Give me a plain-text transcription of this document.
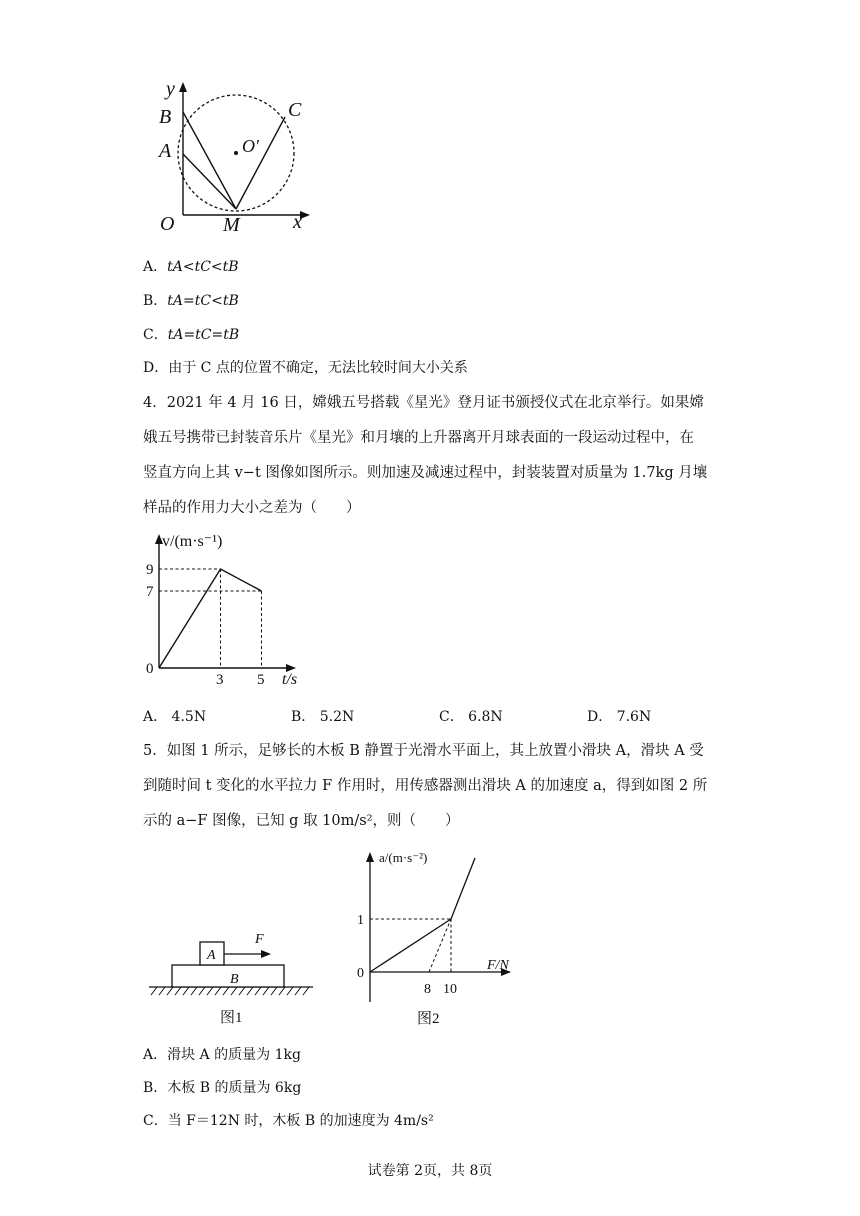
y
B
A
C
O′
O M	x
A．tA<tC<tB
B．tA=tC<tB
C．tA=tC=tB
D．由于 C 点的位置不确定，无法比较时间大小关系
4．2021 年 4 月 16 日，嫦娥五号搭载《星光》登月证书颁授仪式在北京举行。如果嫦
娥五号携带已封装音乐片《星光》和月壤的上升器离开月球表面的一段运动过程中，在
竖直方向上其 v−t 图像如图所示。则加速及减速过程中，封装装置对质量为 1.7kg 月壤
样品的作用力大小之差为（　　）
v/(m·s⁻¹)
t/s
9
7
0
3 5
A． 4.5N	B． 5.2N	C． 6.8N	D． 7.6N
5．如图 1 所示，足够长的木板 B 静置于光滑水平面上，其上放置小滑块 A，滑块 A 受
到随时间 t 变化的水平拉力 F 作用时，用传感器测出滑块 A 的加速度 a，得到如图 2 所
示的 a−F 图像，已知 g 取 10m/s²，则（　　）
A
B
F
图1
a/(m·s⁻²)
F/N
1
0
8 10
图2
A．滑块 A 的质量为 1kg
B．木板 B 的质量为 6kg
C．当 F＝12N 时，木板 B 的加速度为 4m/s²
试卷第 2页，共 8页
